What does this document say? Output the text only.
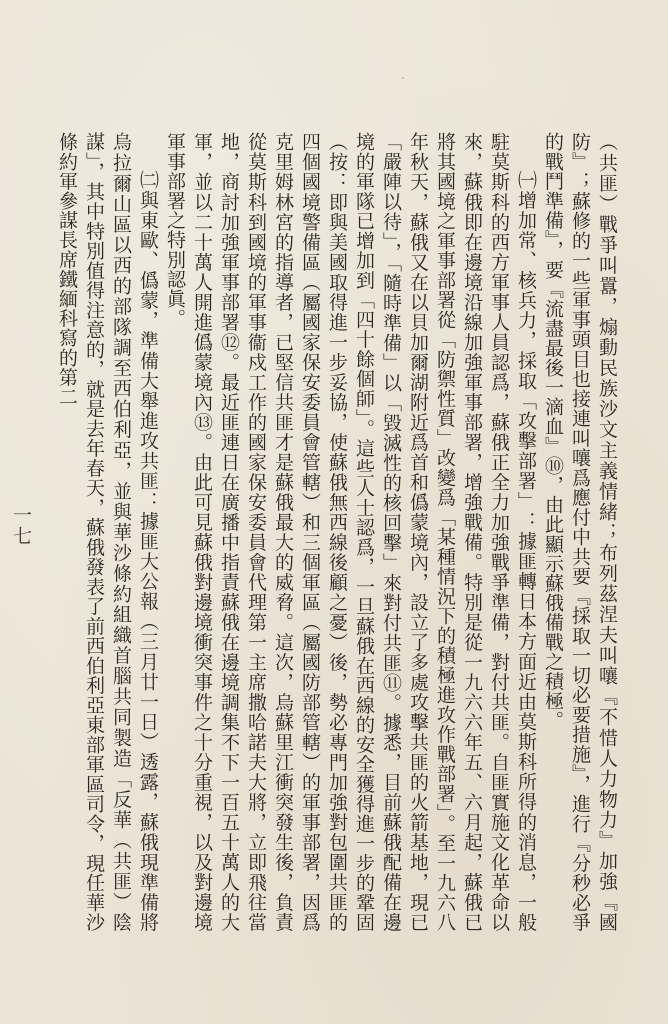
（共匪）戰爭叫囂，煽動民族沙文主義情緒；布列茲涅夫叫嚷『不惜人力物力』加強『國防』；蘇修的一些軍事頭目也接連叫嚷爲應付中共要『採取一切必要措施』，進行『分秒必爭的戰鬥準備』，要『流盡最後一滴血』⑩，由此顯示蘇俄備戰之積極。

㈠增加常、核兵力，採取「攻擊部署」：據匪轉日本方面近由莫斯科所得的消息，一般駐莫斯科的西方軍事人員認爲，蘇俄正全力加強戰爭準備，對付共匪。自匪實施文化革命以來，蘇俄即在邊境沿線加強軍事部署，增強戰備。特別是從一九六六年五、六月起，蘇俄已將其國境之軍事部署從「防禦性質」改變爲「某種情況下的積極進攻作戰部署」。至一九六八年秋天，蘇俄又在以貝加爾湖附近爲首和僞蒙境內，設立了多處攻擊共匪的火箭基地，現已「嚴陣以待」，「隨時準備」以「毀滅性的核回擊」來對付共匪⑪。據悉，目前蘇俄配備在邊境的軍隊已增加到「四十餘個師」。這些人士認爲，一旦蘇俄在西線的安全獲得進一步的鞏固（按：即與美國取得進一步妥協，使蘇俄無西線後顧之憂）後，勢必專門加強對包圍共匪的四個國境警備區（屬國家保安委員會管轄）和三個軍區（屬國防部管轄）的軍事部署，因爲克里姆林宮的指導者，已堅信共匪才是蘇俄最大的威脅。這次，烏蘇里江衝突發生後，負責從莫斯科到國境的軍事衞戍工作的國家保安委員會代理第一主席撒哈諾夫大將，立即飛往當地，商討加強軍事部署⑫。最近匪連日在廣播中指責蘇俄在邊境調集不下一百五十萬人的大軍，並以二十萬人開進僞蒙境內⑬。由此可見蘇俄對邊境衝突事件之十分重視，以及對邊境軍事部署之特別認眞。

㈡與東歐、僞蒙，準備大舉進攻共匪：據匪大公報（三月廿一日）透露，蘇俄現準備將烏拉爾山區以西的部隊調至西伯利亞，並與華沙條約組織首腦共同製造「反華（共匪）陰謀」，其中特別值得注意的，就是去年春天，蘇俄發表了前西伯利亞東部軍區司令，現任華沙條約軍參謀長席鐵緬科寫的第二

一七
